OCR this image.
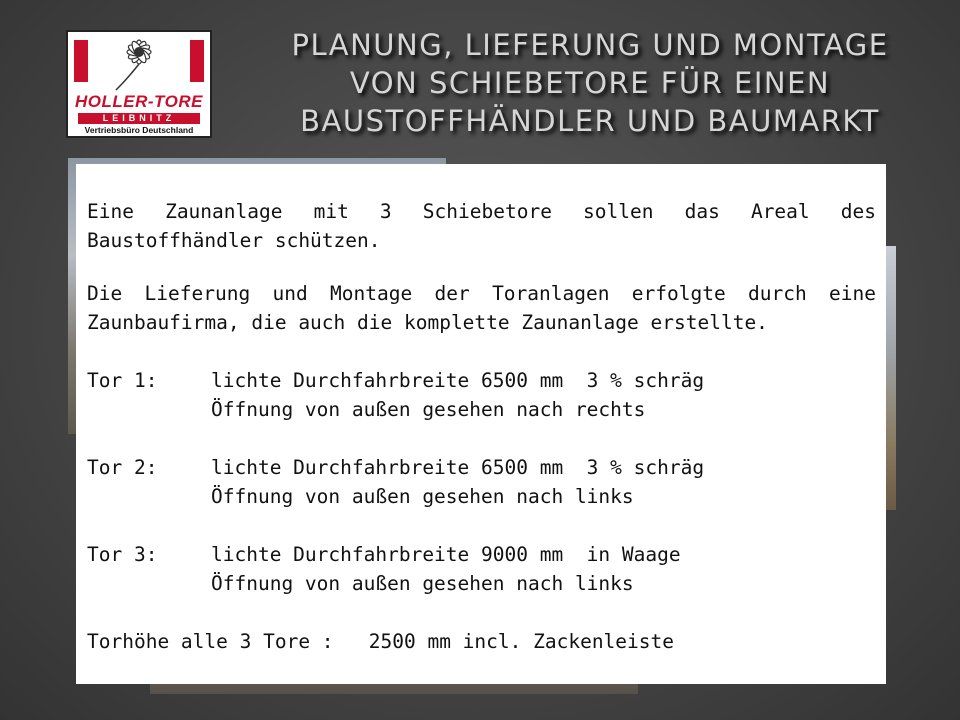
HOLLER-TORE
LEIBNITZ
Vertriebsbüro Deutschland
PLANUNG, LIEFERUNG UND MONTAGE
VON SCHIEBETORE FÜR EINEN
BAUSTOFFHÄNDLER UND BAUMARKT

Eine Zaunanlage mit 3 Schiebetore sollen das Areal des Baustoffhändler schützen.

Die Lieferung und Montage der Toranlagen erfolgte durch eine Zaunbaufirma, die auch die komplette Zaunanlage erstellte.

Tor 1:	lichte Durchfahrbreite 6500 mm  3 % schräg
Öffnung von außen gesehen nach rechts
Tor 2:	lichte Durchfahrbreite 6500 mm  3 % schräg
Öffnung von außen gesehen nach links
Tor 3:	lichte Durchfahrbreite 9000 mm  in Waage
Öffnung von außen gesehen nach links
Torhöhe alle 3 Tore :   2500 mm incl. Zackenleiste
